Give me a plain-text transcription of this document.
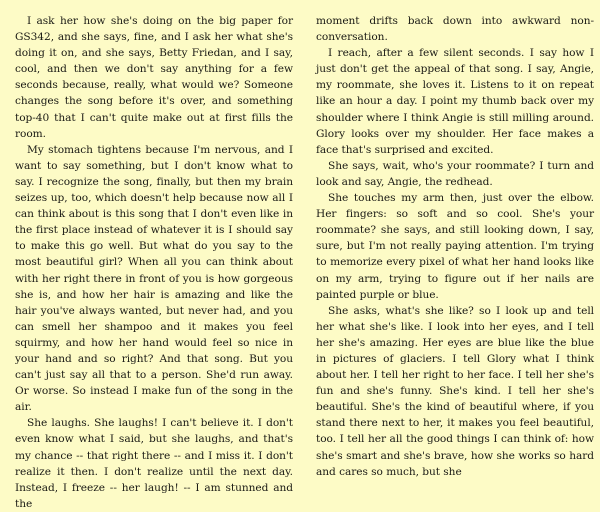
I ask her how she's doing on the big paper for GS342, and she says, fine, and I ask her what she's doing it on, and she says, Betty Friedan, and I say, cool, and then we don't say anything for a few seconds because, really, what would we? Someone changes the song before it's over, and something top-40 that I can't quite make out at first fills the room.

My stomach tightens because I'm nervous, and I want to say something, but I don't know what to say. I recognize the song, finally, but then my brain seizes up, too, which doesn't help because now all I can think about is this song that I don't even like in the first place instead of whatever it is I should say to make this go well. But what do you say to the most beautiful girl? When all you can think about with her right there in front of you is how gorgeous she is, and how her hair is amazing and like the hair you've always wanted, but never had, and you can smell her shampoo and it makes you feel squirmy, and how her hand would feel so nice in your hand and so right? And that song. But you can't just say all that to a person. She'd run away. Or worse. So instead I make fun of the song in the air.

She laughs. She laughs! I can't believe it. I don't even know what I said, but she laughs, and that's my chance -- that right there -- and I miss it. I don't realize it then. I don't realize until the next day. Instead, I freeze -- her laugh! -- I am stunned and the

moment drifts back down into awkward non-conversation.

I reach, after a few silent seconds. I say how I just don't get the appeal of that song. I say, Angie, my roommate, she loves it. Listens to it on repeat like an hour a day. I point my thumb back over my shoulder where I think Angie is still milling around. Glory looks over my shoulder. Her face makes a face that's surprised and excited.

She says, wait, who's your roommate? I turn and look and say, Angie, the redhead.

She touches my arm then, just over the elbow. Her fingers: so soft and so cool. She's your roommate? she says, and still looking down, I say, sure, but I'm not really paying attention. I'm trying to memorize every pixel of what her hand looks like on my arm, trying to figure out if her nails are painted purple or blue.

She asks, what's she like? so I look up and tell her what she's like. I look into her eyes, and I tell her she's amazing. Her eyes are blue like the blue in pictures of glaciers. I tell Glory what I think about her. I tell her right to her face. I tell her she's fun and she's funny. She's kind. I tell her she's beautiful. She's the kind of beautiful where, if you stand there next to her, it makes you feel beautiful, too. I tell her all the good things I can think of: how she's smart and she's brave, how she works so hard and cares so much, but she
